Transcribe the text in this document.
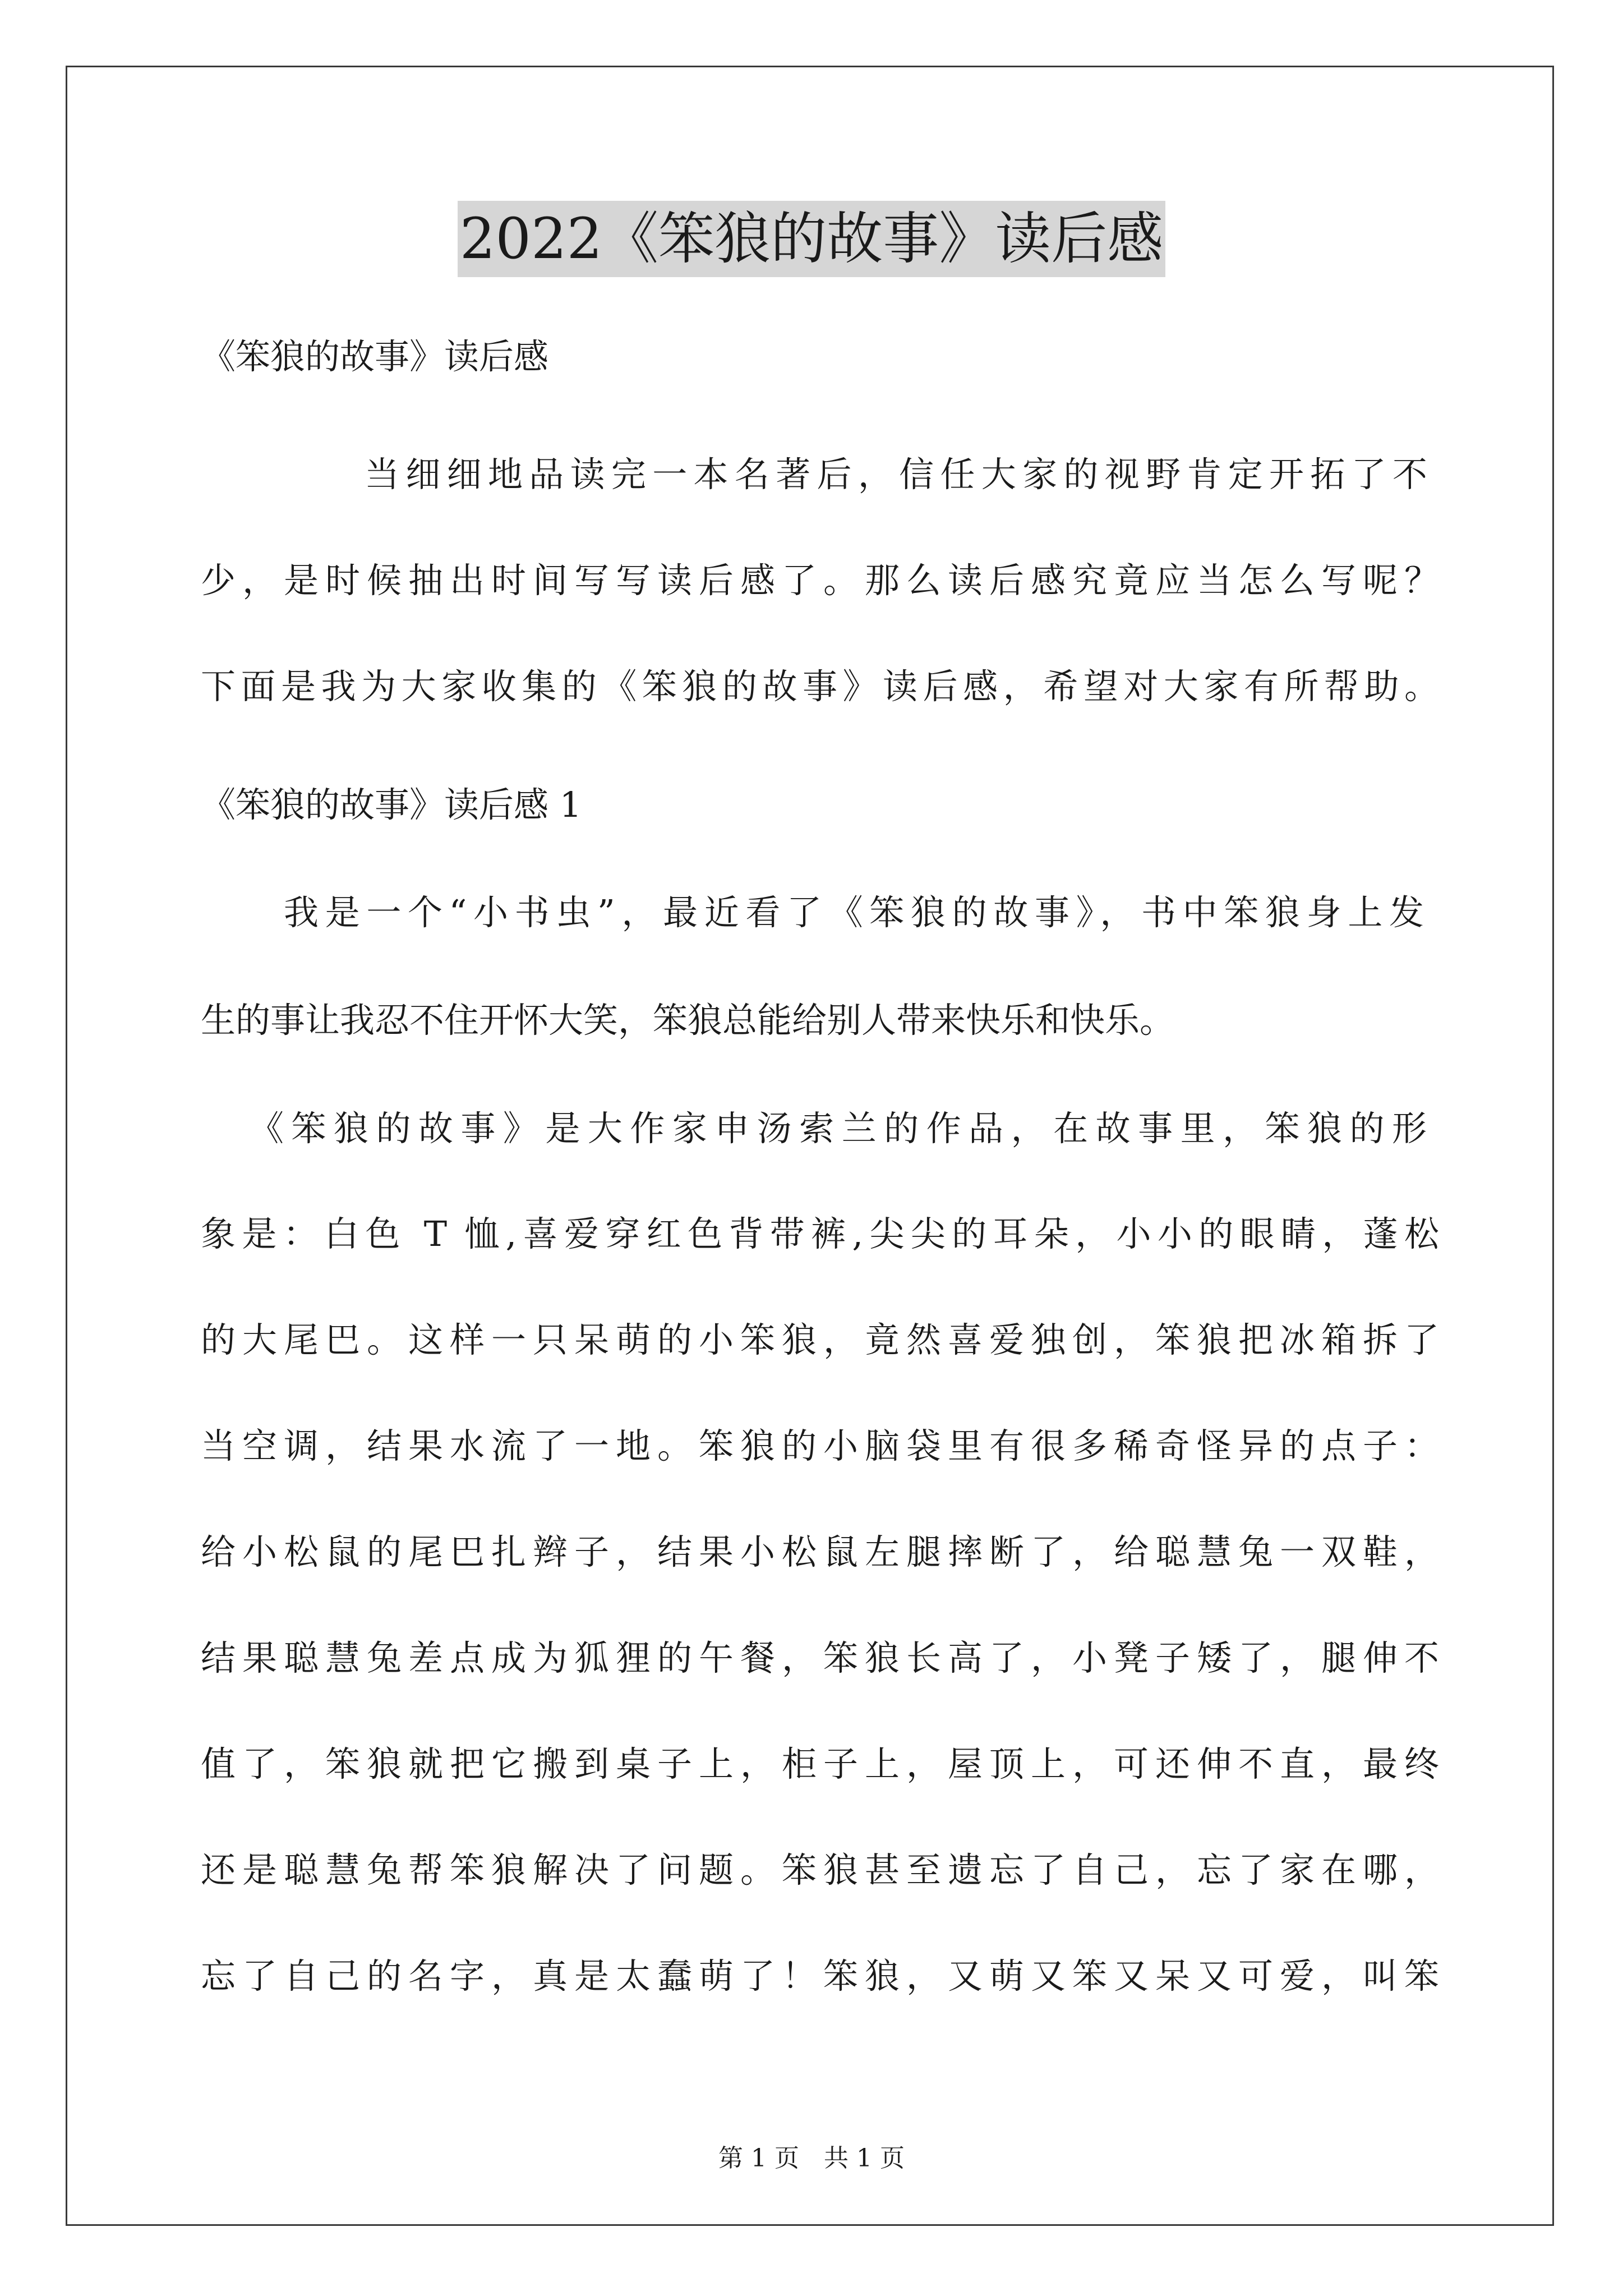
2022《笨狼的故事》读后感

《笨狼的故事》读后感

当细细地品读完一本名著后，信任大家的视野肯定开拓了不

少，是时候抽出时间写写读后感了。那么读后感究竟应当怎么写呢？

下面是我为大家收集的《笨狼的故事》读后感，希望对大家有所帮助。

《笨狼的故事》读后感 1

我是一个“小书虫”，最近看了《笨狼的故事》，书中笨狼身上发

生的事让我忍不住开怀大笑，笨狼总能给别人带来快乐和快乐。

《笨狼的故事》是大作家申汤索兰的作品，在故事里，笨狼的形

象是：白色 T 恤,喜爱穿红色背带裤,尖尖的耳朵，小小的眼睛，蓬松

的大尾巴。这样一只呆萌的小笨狼，竟然喜爱独创，笨狼把冰箱拆了

当空调，结果水流了一地。笨狼的小脑袋里有很多稀奇怪异的点子：

给小松鼠的尾巴扎辫子，结果小松鼠左腿摔断了，给聪慧兔一双鞋，

结果聪慧兔差点成为狐狸的午餐，笨狼长高了，小凳子矮了，腿伸不

值了，笨狼就把它搬到桌子上，柜子上，屋顶上，可还伸不直，最终

还是聪慧兔帮笨狼解决了问题。笨狼甚至遗忘了自己，忘了家在哪，

忘了自己的名字，真是太蠢萌了！笨狼，又萌又笨又呆又可爱，叫笨

第 1 页　共 1 页
